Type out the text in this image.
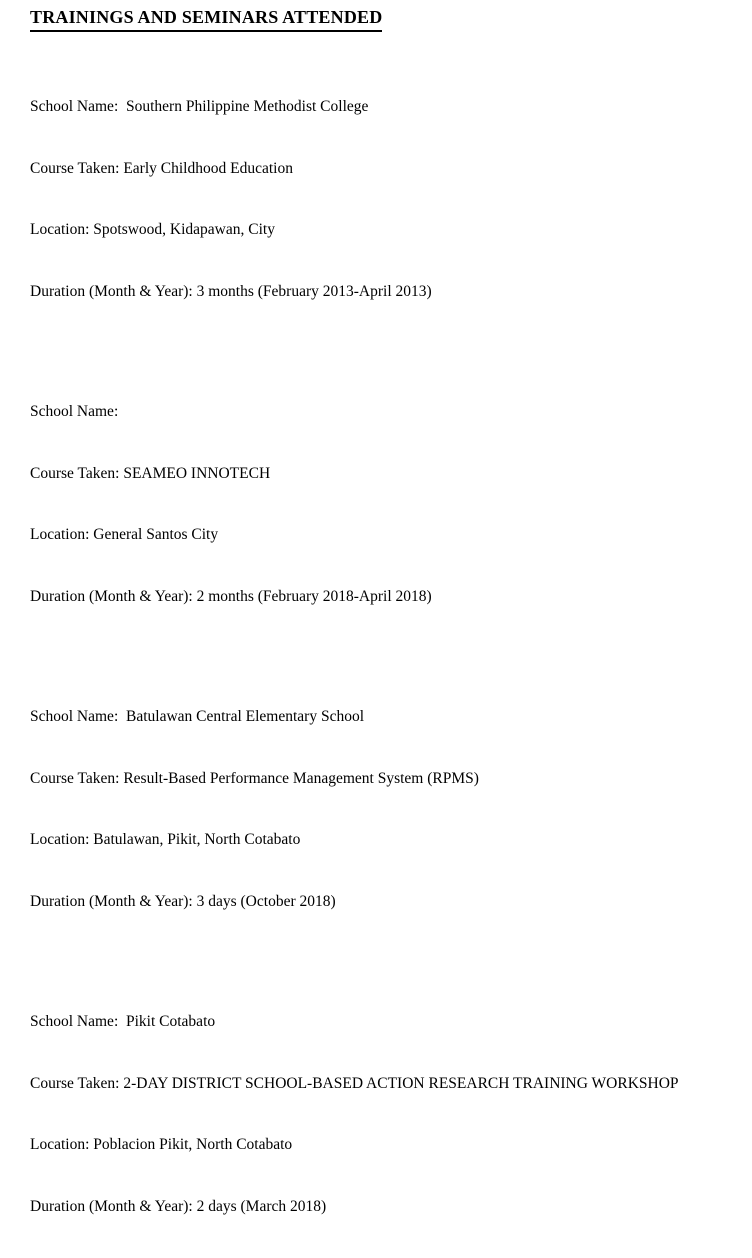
TRAININGS AND SEMINARS ATTENDED

School Name:  Southern Philippine Methodist College

Course Taken: Early Childhood Education

Location: Spotswood, Kidapawan, City

Duration (Month & Year): 3 months (February 2013-April 2013)

School Name:

Course Taken: SEAMEO INNOTECH

Location: General Santos City

Duration (Month & Year): 2 months (February 2018-April 2018)

School Name:  Batulawan Central Elementary School

Course Taken: Result-Based Performance Management System (RPMS)

Location: Batulawan, Pikit, North Cotabato

Duration (Month & Year): 3 days (October 2018)

School Name:  Pikit Cotabato

Course Taken: 2-DAY DISTRICT SCHOOL-BASED ACTION RESEARCH TRAINING WORKSHOP

Location: Poblacion Pikit, North Cotabato

Duration (Month & Year): 2 days (March 2018)
